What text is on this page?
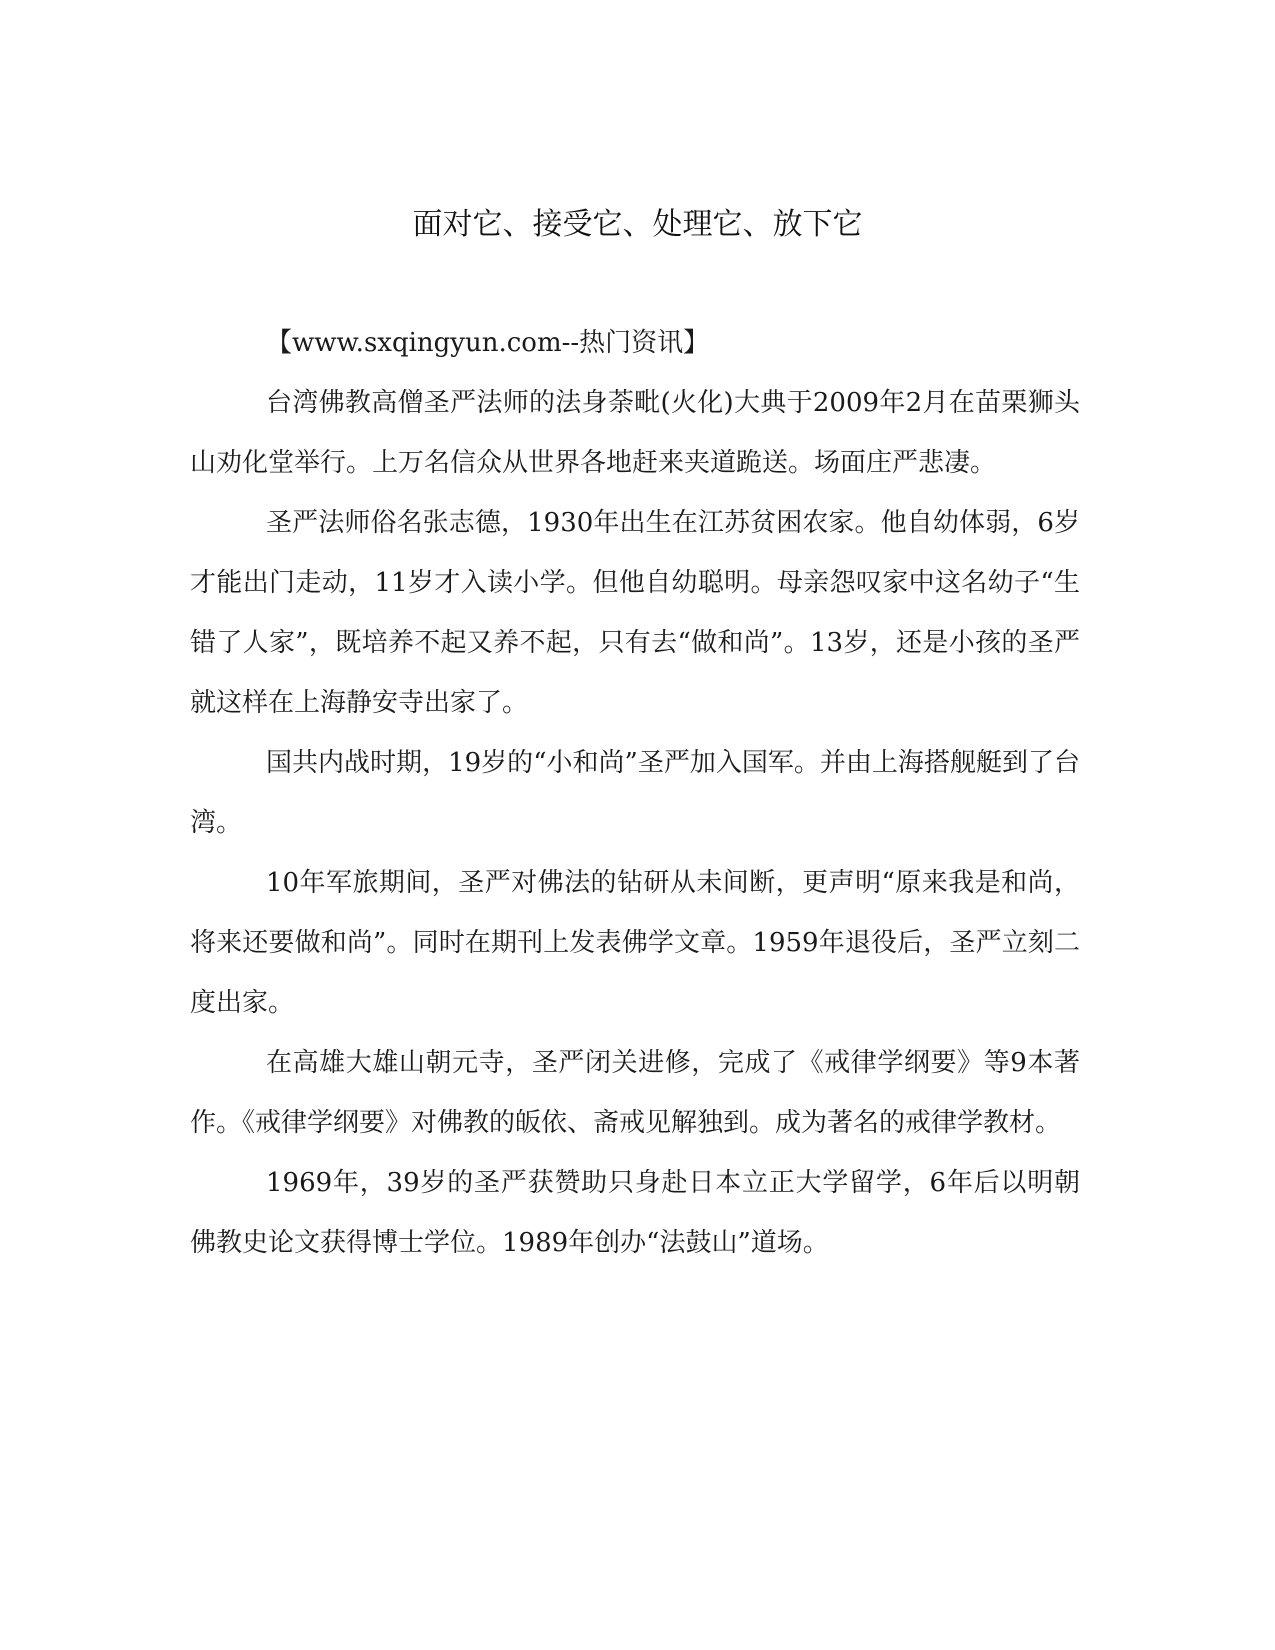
面对它、接受它、处理它、放下它

【www.sxqingyun.com--热门资讯】

台湾佛教高僧圣严法师的法身荼毗(火化)大典于2009年2月在苗栗狮头山劝化堂举行。上万名信众从世界各地赶来夹道跪送。场面庄严悲凄。

圣严法师俗名张志德，1930年出生在江苏贫困农家。他自幼体弱，6岁才能出门走动，11岁才入读小学。但他自幼聪明。母亲怨叹家中这名幼子“生错了人家”，既培养不起又养不起，只有去“做和尚”。13岁，还是小孩的圣严就这样在上海静安寺出家了。

国共内战时期，19岁的“小和尚”圣严加入国军。并由上海搭舰艇到了台湾。

10年军旅期间，圣严对佛法的钻研从未间断，更声明“原来我是和尚，将来还要做和尚”。同时在期刊上发表佛学文章。1959年退役后，圣严立刻二度出家。

在高雄大雄山朝元寺，圣严闭关进修，完成了《戒律学纲要》等9本著作。《戒律学纲要》对佛教的皈依、斋戒见解独到。成为著名的戒律学教材。

1969年，39岁的圣严获赞助只身赴日本立正大学留学，6年后以明朝佛教史论文获得博士学位。1989年创办“法鼓山”道场。
